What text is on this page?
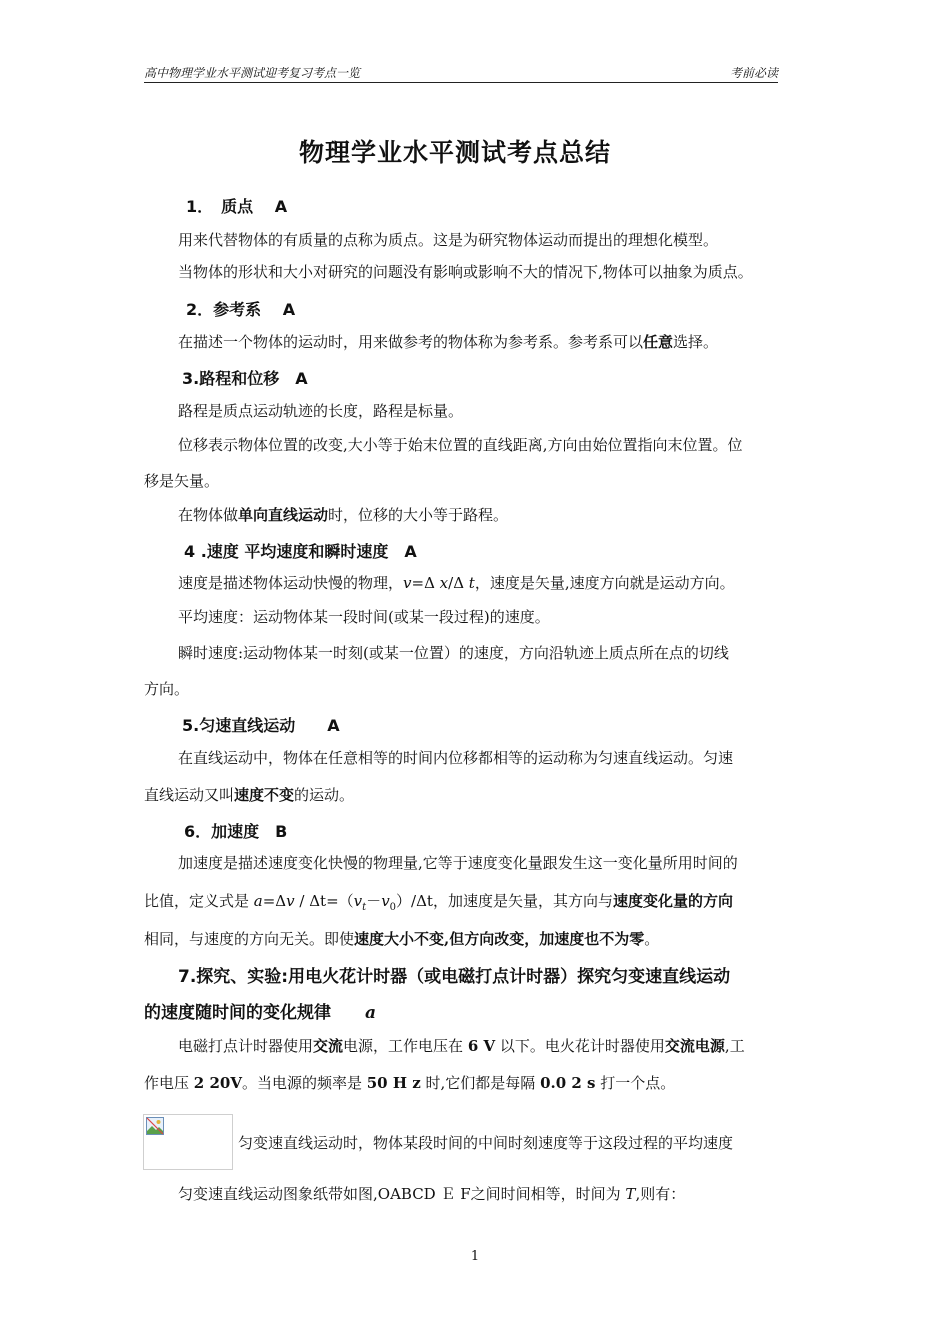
高中物理学业水平测试迎考复习考点一览	考前必读
物理学业水平测试考点总结
1．　质点　 A
用来代替物体的有质量的点称为质点。这是为研究物体运动而提出的理想化模型。
当物体的形状和大小对研究的问题没有影响或影响不大的情况下,物体可以抽象为质点。
2．参考系　 A
在描述一个物体的运动时，用来做参考的物体称为参考系。参考系可以任意选择。
3.路程和位移　A
路程是质点运动轨迹的长度，路程是标量。
位移表示物体位置的改变,大小等于始末位置的直线距离,方向由始位置指向末位置。位
移是矢量。
在物体做单向直线运动时，位移的大小等于路程。
4 .速度 平均速度和瞬时速度　A
速度是描述物体运动快慢的物理，v=Δ x/Δ t，速度是矢量,速度方向就是运动方向。
平均速度：运动物体某一段时间(或某一段过程)的速度。
瞬时速度:运动物体某一时刻(或某一位置）的速度，方向沿轨迹上质点所在点的切线
方向。
5.匀速直线运动　　A
在直线运动中，物体在任意相等的时间内位移都相等的运动称为匀速直线运动。匀速
直线运动又叫速度不变的运动。
6．加速度　B
加速度是描述速度变化快慢的物理量,它等于速度变化量跟发生这一变化量所用时间的
比值，定义式是 $a=\Delta v / \Delta t=(v_t-v_0)/\Delta t$，加速度是矢量，其方向与速度变化量的方向
相同，与速度的方向无关。即使速度大小不变,但方向改变，加速度也不为零。
7.探究、实验:用电火花计时器（或电磁打点计时器）探究匀变速直线运动
的速度随时间的变化规律　　a
电磁打点计时器使用交流电源，工作电压在 6 V 以下。电火花计时器使用交流电源,工
作电压 2 20V。当电源的频率是 50 H z 时,它们都是每隔 0.0 2 s 打一个点。
匀变速直线运动时，物体某段时间的中间时刻速度等于这段过程的平均速度
匀变速直线运动图象纸带如图,OABCD Ｅ F之间时间相等，时间为 T,则有：
1
